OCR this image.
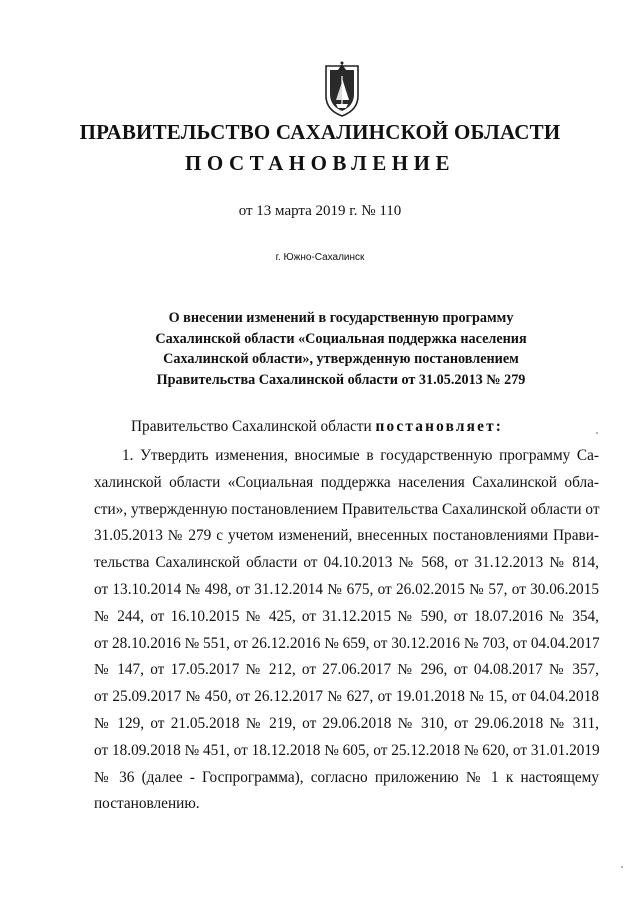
ПРАВИТЕЛЬСТВО САХАЛИНСКОЙ ОБЛАСТИ
ПОСТАНОВЛЕНИЕ

от 13 марта 2019 г. № 110

г. Южно-Сахалинск

О внесении изменений в государственную программу
Сахалинской области «Социальная поддержка населения
Сахалинской области», утвержденную постановлением
Правительства Сахалинской области от 31.05.2013 № 279

Правительство Сахалинской области постановляет:

1. Утвердить изменения, вносимые в государственную программу Са-
халинской области «Социальная поддержка населения Сахалинской обла-
сти», утвержденную постановлением Правительства Сахалинской области от
31.05.2013 № 279 с учетом изменений, внесенных постановлениями Прави-
тельства Сахалинской области от 04.10.2013 № 568, от 31.12.2013 № 814,
от 13.10.2014 № 498, от 31.12.2014 № 675, от 26.02.2015 № 57, от 30.06.2015
№ 244, от 16.10.2015 № 425, от 31.12.2015 № 590, от 18.07.2016 № 354,
от 28.10.2016 № 551, от 26.12.2016 № 659, от 30.12.2016 № 703, от 04.04.2017
№ 147, от 17.05.2017 № 212, от 27.06.2017 № 296, от 04.08.2017 № 357,
от 25.09.2017 № 450, от 26.12.2017 № 627, от 19.01.2018 № 15, от 04.04.2018
№ 129, от 21.05.2018 № 219, от 29.06.2018 № 310, от 29.06.2018 № 311,
от 18.09.2018 № 451, от 18.12.2018 № 605, от 25.12.2018 № 620, от 31.01.2019
№ 36 (далее - Госпрограмма), согласно приложению № 1 к настоящему
постановлению.
